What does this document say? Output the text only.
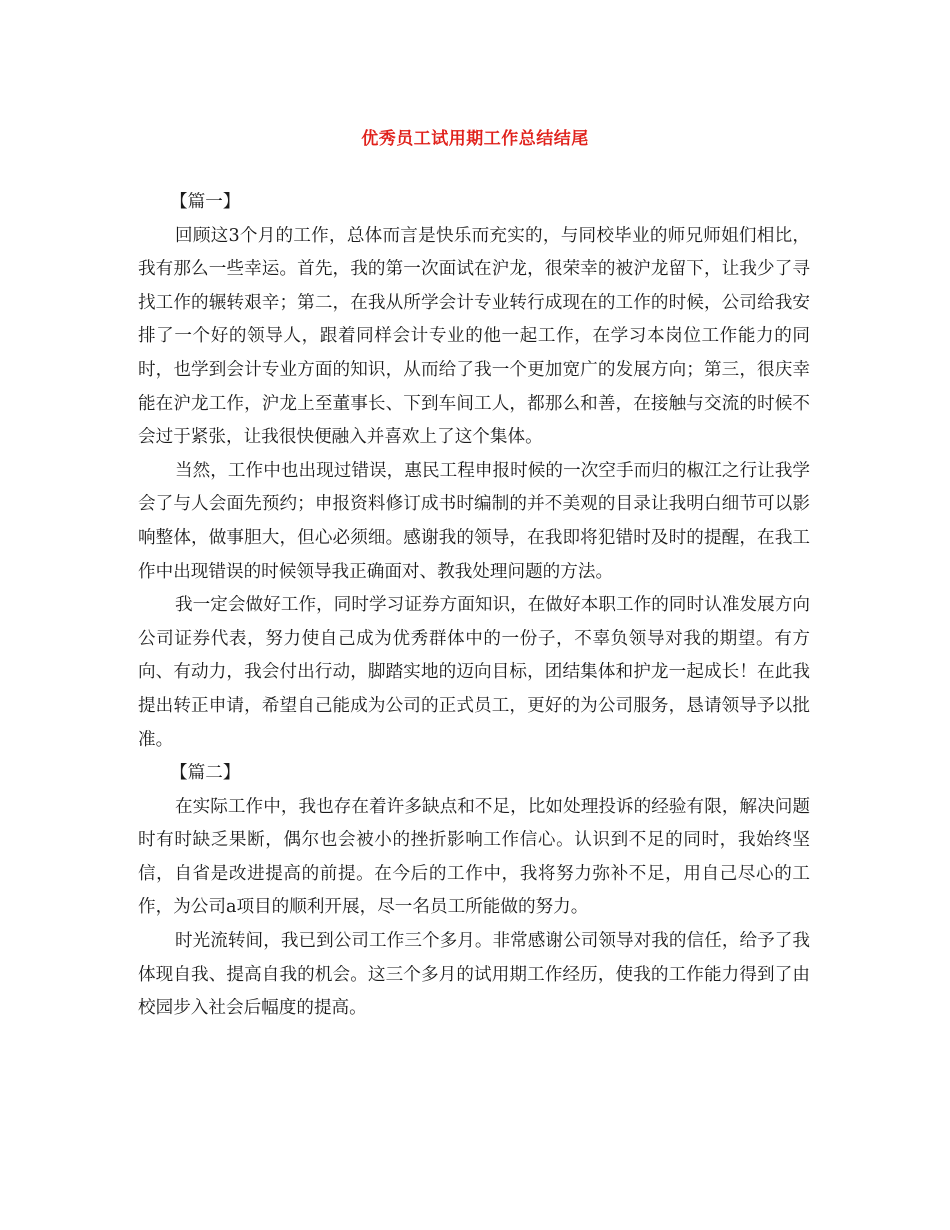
优秀员工试用期工作总结结尾

【篇一】

回顾这3个月的工作，总体而言是快乐而充实的，与同校毕业的师兄师姐们相比，我有那么一些幸运。首先，我的第一次面试在沪龙，很荣幸的被沪龙留下，让我少了寻找工作的辗转艰辛；第二，在我从所学会计专业转行成现在的工作的时候，公司给我安排了一个好的领导人，跟着同样会计专业的他一起工作，在学习本岗位工作能力的同时，也学到会计专业方面的知识，从而给了我一个更加宽广的发展方向；第三，很庆幸能在沪龙工作，沪龙上至董事长、下到车间工人，都那么和善，在接触与交流的时候不会过于紧张，让我很快便融入并喜欢上了这个集体。

当然，工作中也出现过错误，惠民工程申报时候的一次空手而归的椒江之行让我学会了与人会面先预约；申报资料修订成书时编制的并不美观的目录让我明白细节可以影响整体，做事胆大，但心必须细。感谢我的领导，在我即将犯错时及时的提醒，在我工作中出现错误的时候领导我正确面对、教我处理问题的方法。

我一定会做好工作，同时学习证券方面知识，在做好本职工作的同时认准发展方向公司证券代表，努力使自己成为优秀群体中的一份子，不辜负领导对我的期望。有方向、有动力，我会付出行动，脚踏实地的迈向目标，团结集体和护龙一起成长！在此我提出转正申请，希望自己能成为公司的正式员工，更好的为公司服务，恳请领导予以批准。

【篇二】

在实际工作中，我也存在着许多缺点和不足，比如处理投诉的经验有限，解决问题时有时缺乏果断，偶尔也会被小的挫折影响工作信心。认识到不足的同时，我始终坚信，自省是改进提高的前提。在今后的工作中，我将努力弥补不足，用自己尽心的工作，为公司a项目的顺利开展，尽一名员工所能做的努力。

时光流转间，我已到公司工作三个多月。非常感谢公司领导对我的信任，给予了我体现自我、提高自我的机会。这三个多月的试用期工作经历，使我的工作能力得到了由校园步入社会后幅度的提高。
